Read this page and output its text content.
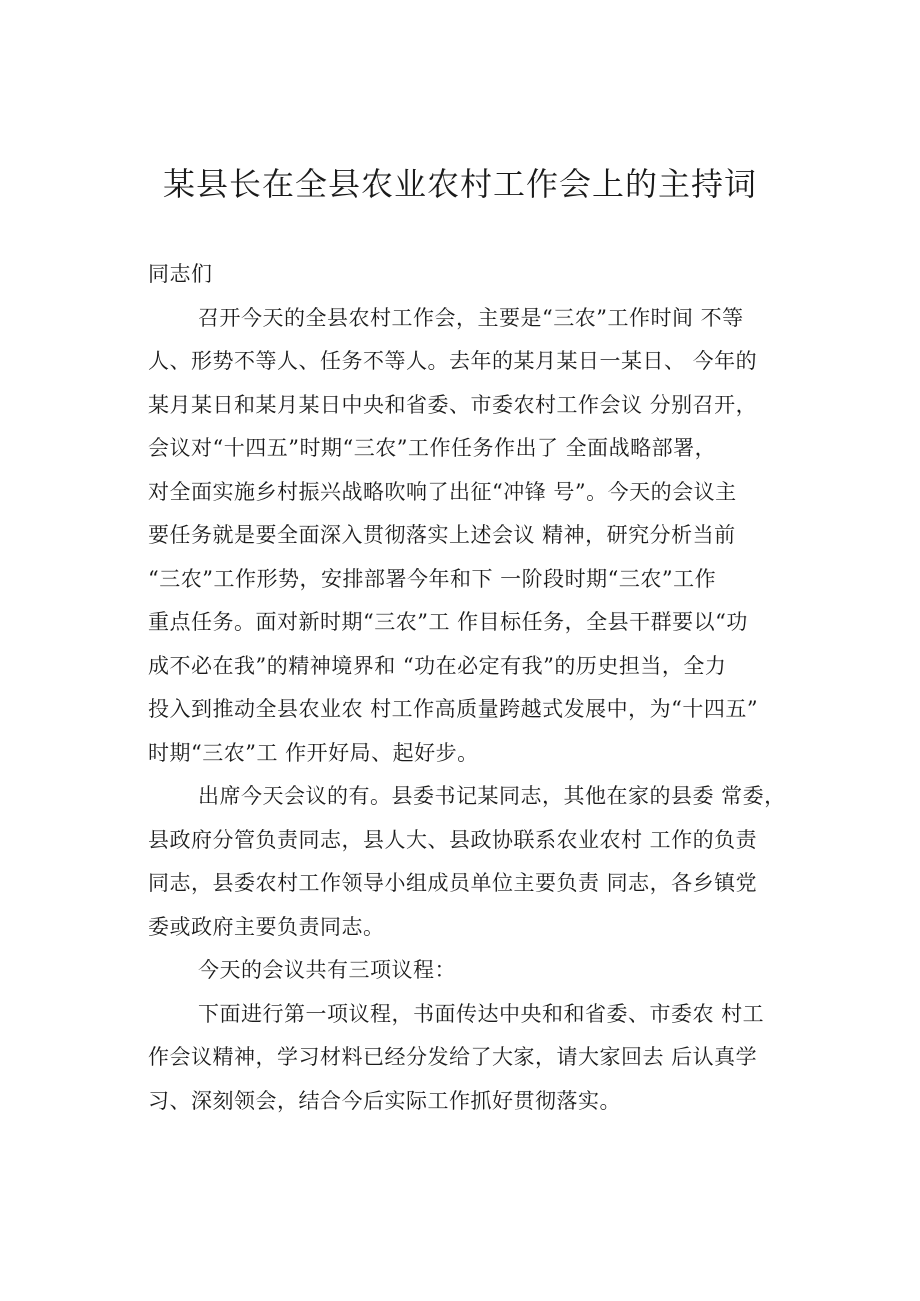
某县长在全县农业农村工作会上的主持词

同志们

召开今天的全县农村工作会，主要是“三农”工作时间 不等
人、形势不等人、任务不等人。去年的某月某日一某日、 今年的
某月某日和某月某日中央和省委、市委农村工作会议 分别召开，
会议对“十四五”时期“三农”工作任务作出了 全面战略部署，
对全面实施乡村振兴战略吹响了出征“冲锋 号”。今天的会议主
要任务就是要全面深入贯彻落实上述会议 精神，研究分析当前
“三农”工作形势，安排部署今年和下 一阶段时期“三农”工作
重点任务。面对新时期“三农”工 作目标任务，全县干群要以“功
成不必在我”的精神境界和 “功在必定有我”的历史担当，全力
投入到推动全县农业农 村工作高质量跨越式发展中，为“十四五”
时期“三农”工 作开好局、起好步。
出席今天会议的有。县委书记某同志，其他在家的县委 常委，
县政府分管负责同志，县人大、县政协联系农业农村 工作的负责
同志，县委农村工作领导小组成员单位主要负责 同志，各乡镇党
委或政府主要负责同志。
今天的会议共有三项议程：
下面进行第一项议程，书面传达中央和和省委、市委农 村工
作会议精神，学习材料已经分发给了大家，请大家回去 后认真学
习、深刻领会，结合今后实际工作抓好贯彻落实。
